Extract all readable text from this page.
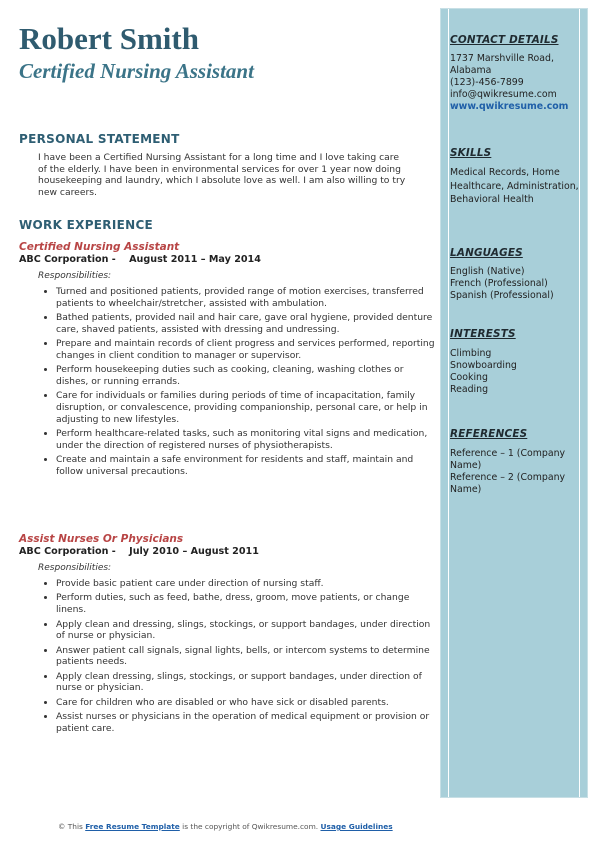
Robert Smith
Certified Nursing Assistant
PERSONAL STATEMENT
I have been a Certified Nursing Assistant for a long time and I love taking care of the elderly. I have been in environmental services for over 1 year now doing housekeeping and laundry, which I absolute love as well. I am also willing to try new careers.
WORK EXPERIENCE
Certified Nursing Assistant
ABC Corporation -    August 2011 – May 2014
Responsibilities:
• Turned and positioned patients, provided range of motion exercises, transferred patients to wheelchair/stretcher, assisted with ambulation.
• Bathed patients, provided nail and hair care, gave oral hygiene, provided denture care, shaved patients, assisted with dressing and undressing.
• Prepare and maintain records of client progress and services performed, reporting changes in client condition to manager or supervisor.
• Perform housekeeping duties such as cooking, cleaning, washing clothes or dishes, or running errands.
• Care for individuals or families during periods of time of incapacitation, family disruption, or convalescence, providing companionship, personal care, or help in adjusting to new lifestyles.
• Perform healthcare-related tasks, such as monitoring vital signs and medication, under the direction of registered nurses of physiotherapists.
• Create and maintain a safe environment for residents and staff, maintain and follow universal precautions.
Assist Nurses Or Physicians
ABC Corporation -    July 2010 – August 2011
Responsibilities:
• Provide basic patient care under direction of nursing staff.
• Perform duties, such as feed, bathe, dress, groom, move patients, or change linens.
• Apply clean and dressing, slings, stockings, or support bandages, under direction of nurse or physician.
• Answer patient call signals, signal lights, bells, or intercom systems to determine patients needs.
• Apply clean dressing, slings, stockings, or support bandages, under direction of nurse or physician.
• Care for children who are disabled or who have sick or disabled parents.
• Assist nurses or physicians in the operation of medical equipment or provision or patient care.
CONTACT DETAILS
1737 Marshville Road,
Alabama
(123)-456-7899
info@qwikresume.com
www.qwikresume.com
SKILLS
Medical Records, Home Healthcare, Administration, Behavioral Health
LANGUAGES
English (Native)
French (Professional)
Spanish (Professional)
INTERESTS
Climbing
Snowboarding
Cooking
Reading
REFERENCES
Reference – 1 (Company Name)
Reference – 2 (Company Name)
© This Free Resume Template is the copyright of Qwikresume.com. Usage Guidelines
